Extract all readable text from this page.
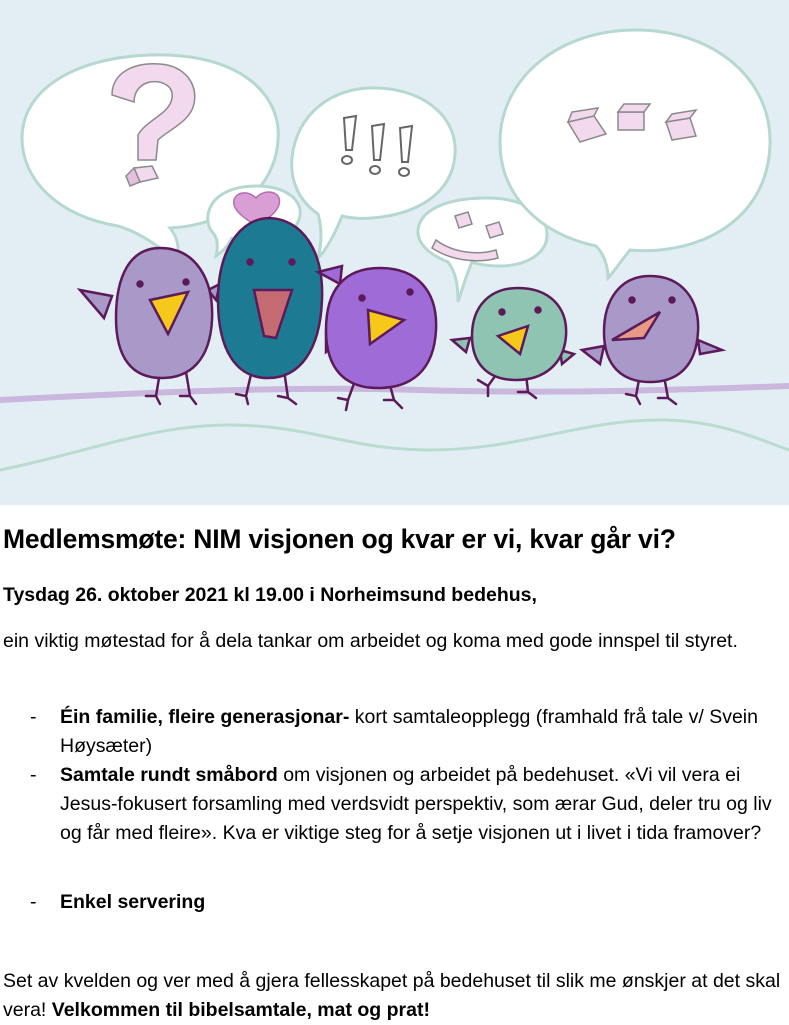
Medlemsmøte: NIM visjonen og kvar er vi, kvar går vi?

Tysdag 26. oktober 2021 kl 19.00 i Norheimsund bedehus,

ein viktig møtestad for å dela tankar om arbeidet og koma med gode innspel til styret.

- Éin familie, fleire generasjonar- kort samtaleopplegg (framhald frå tale v/ Svein Høysæter)
- Samtale rundt småbord om visjonen og arbeidet på bedehuset. «Vi vil vera ei Jesus-fokusert forsamling med verdsvidt perspektiv, som ærar Gud, deler tru og liv og får med fleire». Kva er viktige steg for å setje visjonen ut i livet i tida framover?
- Enkel servering

Set av kvelden og ver med å gjera fellesskapet på bedehuset til slik me ønskjer at det skal vera! Velkommen til bibelsamtale, mat og prat!
